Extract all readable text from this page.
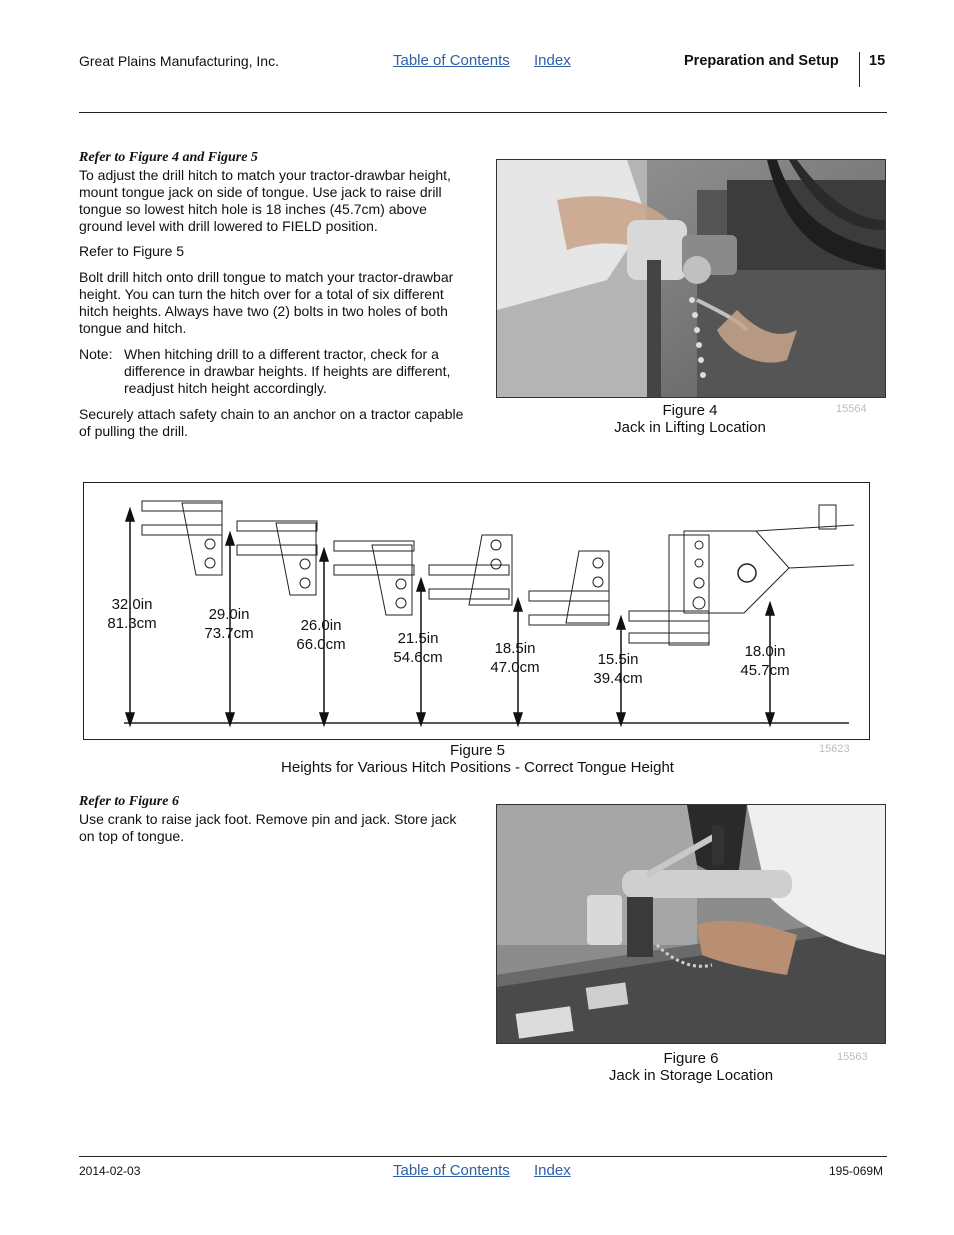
Great Plains Manufacturing, Inc.	Table of Contents Index	Preparation and Setup 15
Refer to Figure 4 and Figure 5

To adjust the drill hitch to match your tractor-drawbar height, mount tongue jack on side of tongue. Use jack to raise drill tongue so lowest hitch hole is 18 inches (45.7cm) above ground level with drill lowered to FIELD position.

Refer to Figure 5

Bolt drill hitch onto drill tongue to match your tractor-drawbar height. You can turn the hitch over for a total of six different hitch heights. Always have two (2) bolts in two holes of both tongue and hitch.

Note: When hitching drill to a different tractor, check for a difference in drawbar heights. If heights are different, readjust hitch height accordingly.

Securely attach safety chain to an anchor on a tractor capable of pulling the drill.

Figure 4
Jack in Lifting Location
15564
32.0in
81.3cm
29.0in
73.7cm	26.0in
66.0cm	21.5in
54.6cm
18.5in
47.0cm	15.5in
39.4cm
18.0in
45.7cm
Figure 5
Heights for Various Hitch Positions - Correct Tongue Height
15623
Refer to Figure 6

Use crank to raise jack foot. Remove pin and jack. Store jack on top of tongue.

Figure 6
Jack in Storage Location
15563
2014-02-03	Table of Contents Index	195-069M
